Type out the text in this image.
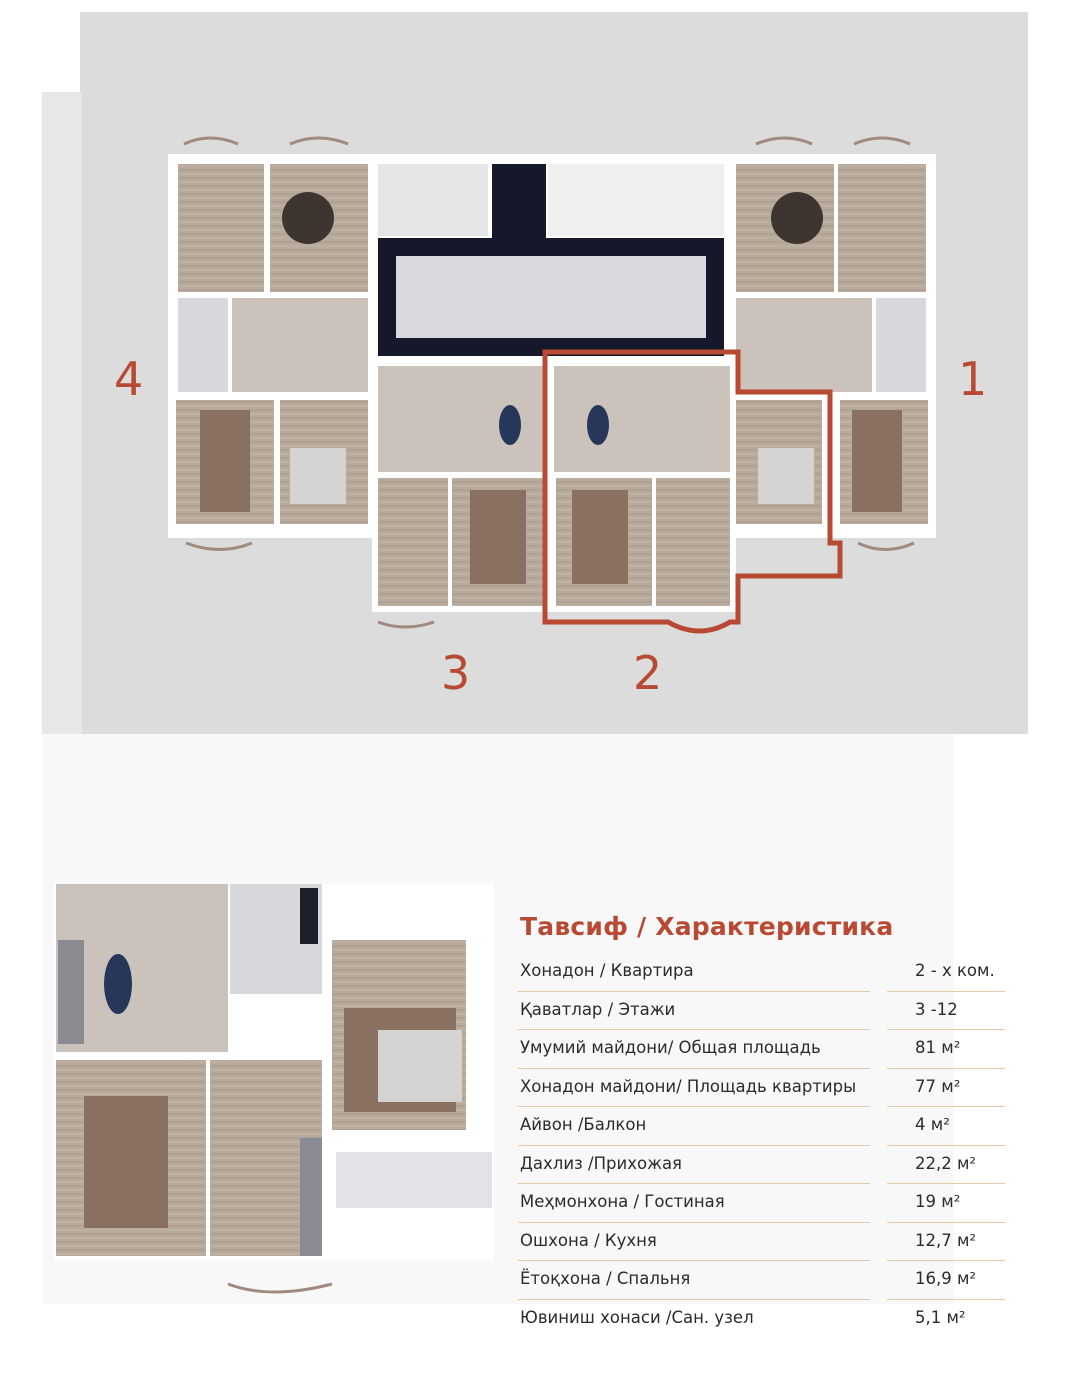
1
2
3
4
Тавсиф / Характеристика
Хонадон / Квартира	2 - х ком.
Қаватлар / Этажи	3 -12
Умумий майдони/ Общая площадь	81 м²
Хонадон майдони/ Площадь квартиры	77 м²
Айвон /Балкон	4 м²
Дахлиз /Прихожая	22,2 м²
Меҳмонхона / Гостиная	19 м²
Ошхона / Кухня	12,7 м²
Ётоқхона / Спальня	16,9 м²
Ювиниш хонаси /Сан. узел	5,1 м²
